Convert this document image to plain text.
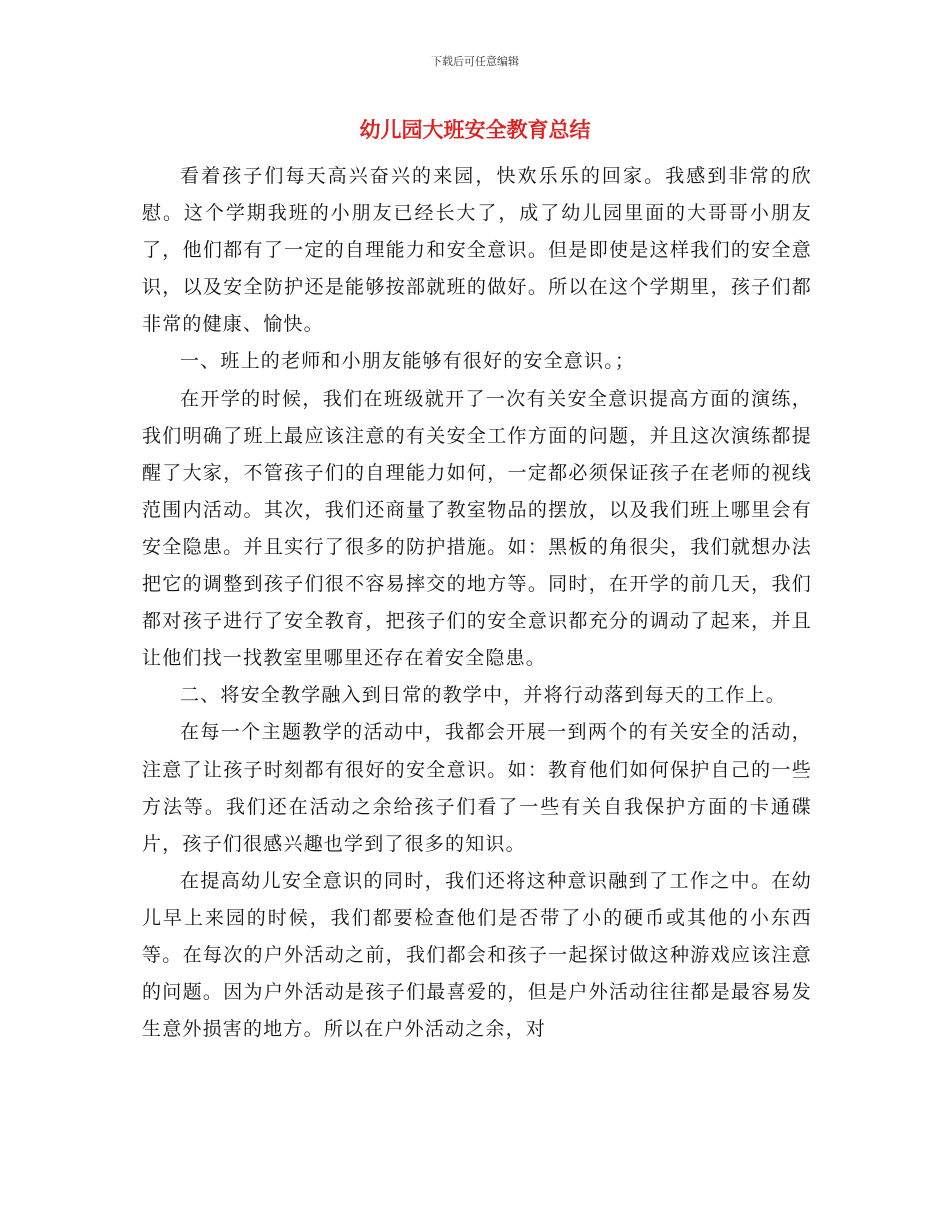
下载后可任意编辑
幼儿园大班安全教育总结

看着孩子们每天高兴奋兴的来园，快欢乐乐的回家。我感到非常的欣慰。这个学期我班的小朋友已经长大了，成了幼儿园里面的大哥哥小朋友了，他们都有了一定的自理能力和安全意识。但是即使是这样我们的安全意识，以及安全防护还是能够按部就班的做好。所以在这个学期里，孩子们都非常的健康、愉快。

一、班上的老师和小朋友能够有很好的安全意识。；

在开学的时候，我们在班级就开了一次有关安全意识提高方面的演练，我们明确了班上最应该注意的有关安全工作方面的问题，并且这次演练都提醒了大家，不管孩子们的自理能力如何，一定都必须保证孩子在老师的视线范围内活动。其次，我们还商量了教室物品的摆放，以及我们班上哪里会有安全隐患。并且实行了很多的防护措施。如：黑板的角很尖，我们就想办法把它的调整到孩子们很不容易摔交的地方等。同时，在开学的前几天，我们都对孩子进行了安全教育，把孩子们的安全意识都充分的调动了起来，并且让他们找一找教室里哪里还存在着安全隐患。

二、将安全教学融入到日常的教学中，并将行动落到每天的工作上。

在每一个主题教学的活动中，我都会开展一到两个的有关安全的活动，注意了让孩子时刻都有很好的安全意识。如：教育他们如何保护自己的一些方法等。我们还在活动之余给孩子们看了一些有关自我保护方面的卡通碟片，孩子们很感兴趣也学到了很多的知识。

在提高幼儿安全意识的同时，我们还将这种意识融到了工作之中。在幼儿早上来园的时候，我们都要检查他们是否带了小的硬币或其他的小东西等。在每次的户外活动之前，我们都会和孩子一起探讨做这种游戏应该注意的问题。因为户外活动是孩子们最喜爱的，但是户外活动往往都是最容易发生意外损害的地方。所以在户外活动之余，对
